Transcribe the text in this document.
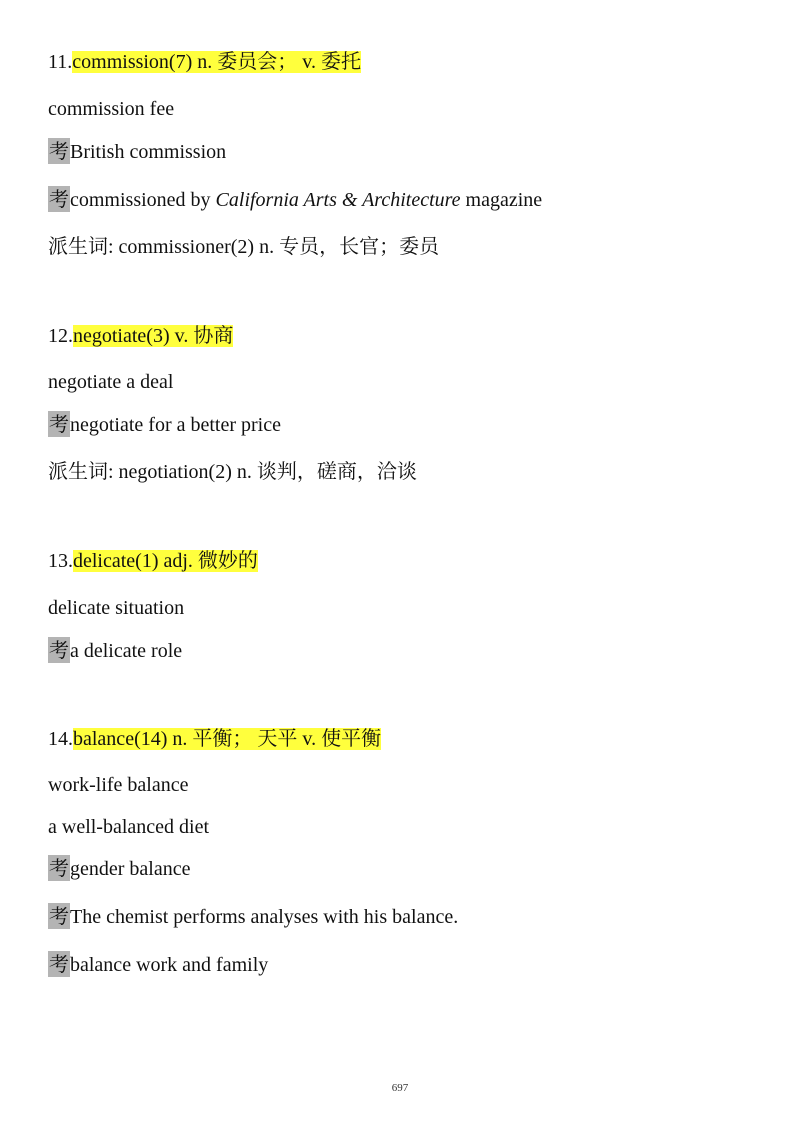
11.commission(7) n. 委员会； v. 委托
commission fee
考British commission
考commissioned by California Arts & Architecture magazine
派生词: commissioner(2) n. 专员，长官；委员
12.negotiate(3) v. 协商
negotiate a deal
考negotiate for a better price
派生词: negotiation(2) n. 谈判，磋商，洽谈
13.delicate(1) adj. 微妙的
delicate situation
考a delicate role
14.balance(14) n. 平衡； 天平 v. 使平衡
work-life balance
a well-balanced diet
考gender balance
考The chemist performs analyses with his balance.
考balance work and family
697
